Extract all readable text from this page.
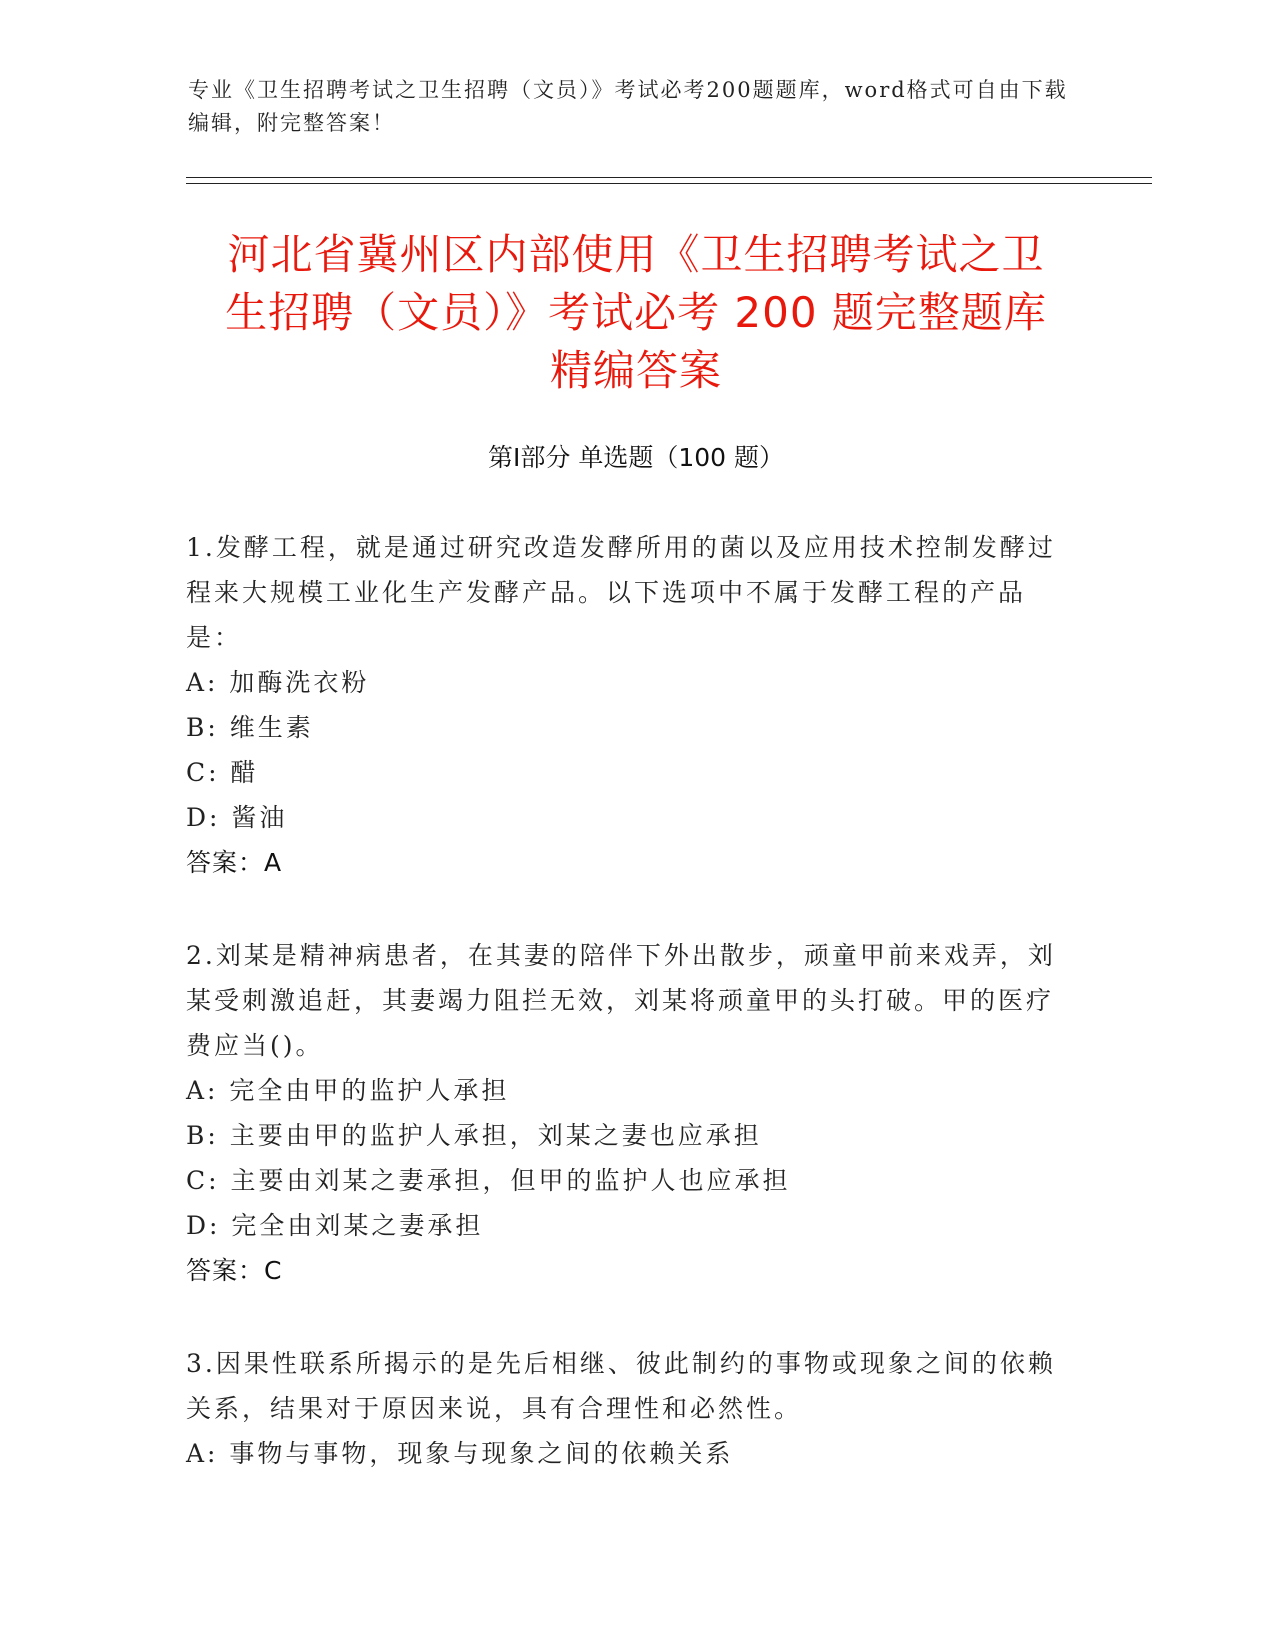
专业《卫生招聘考试之卫生招聘（文员）》考试必考200题题库，word格式可自由下载编辑，附完整答案！
河北省冀州区内部使用《卫生招聘考试之卫
生招聘（文员）》考试必考 200 题完整题库
精编答案
第Ⅰ部分 单选题（100 题）
1.发酵工程，就是通过研究改造发酵所用的菌以及应用技术控制发酵过程来大规模工业化生产发酵产品。以下选项中不属于发酵工程的产品是：
A: 加酶洗衣粉
B: 维生素
C: 醋
D: 酱油
答案：A
2.刘某是精神病患者，在其妻的陪伴下外出散步，顽童甲前来戏弄，刘某受刺激追赶，其妻竭力阻拦无效，刘某将顽童甲的头打破。甲的医疗费应当()。
A: 完全由甲的监护人承担
B: 主要由甲的监护人承担，刘某之妻也应承担
C: 主要由刘某之妻承担，但甲的监护人也应承担
D: 完全由刘某之妻承担
答案：C
3.因果性联系所揭示的是先后相继、彼此制约的事物或现象之间的依赖关系，结果对于原因来说，具有合理性和必然性。
A: 事物与事物，现象与现象之间的依赖关系
